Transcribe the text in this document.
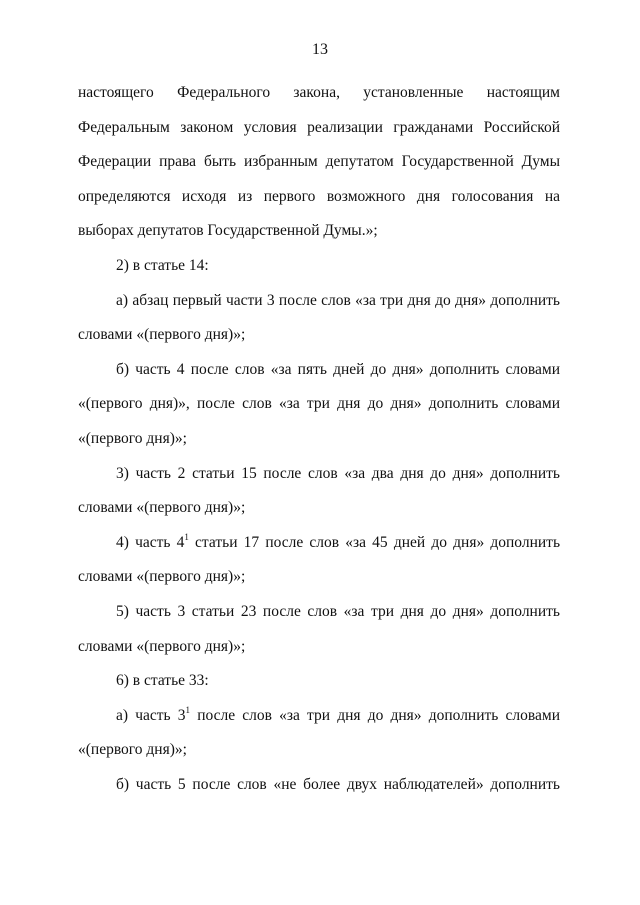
13

настоящего Федерального закона, установленные настоящим Федеральным законом условия реализации гражданами Российской Федерации права быть избранным депутатом Государственной Думы определяются исходя из первого возможного дня голосования на выборах депутатов Государственной Думы.»;

2) в статье 14:

а) абзац первый части 3 после слов «за три дня до дня» дополнить словами «(первого дня)»;

б) часть 4 после слов «за пять дней до дня» дополнить словами «(первого дня)», после слов «за три дня до дня» дополнить словами «(первого дня)»;

3) часть 2 статьи 15 после слов «за два дня до дня» дополнить словами «(первого дня)»;

4) часть $4^1$ статьи 17 после слов «за 45 дней до дня» дополнить словами «(первого дня)»;

5) часть 3 статьи 23 после слов «за три дня до дня» дополнить словами «(первого дня)»;

6) в статье 33:

а) часть $3^1$ после слов «за три дня до дня» дополнить словами «(первого дня)»;

б) часть 5 после слов «не более двух наблюдателей» дополнить
